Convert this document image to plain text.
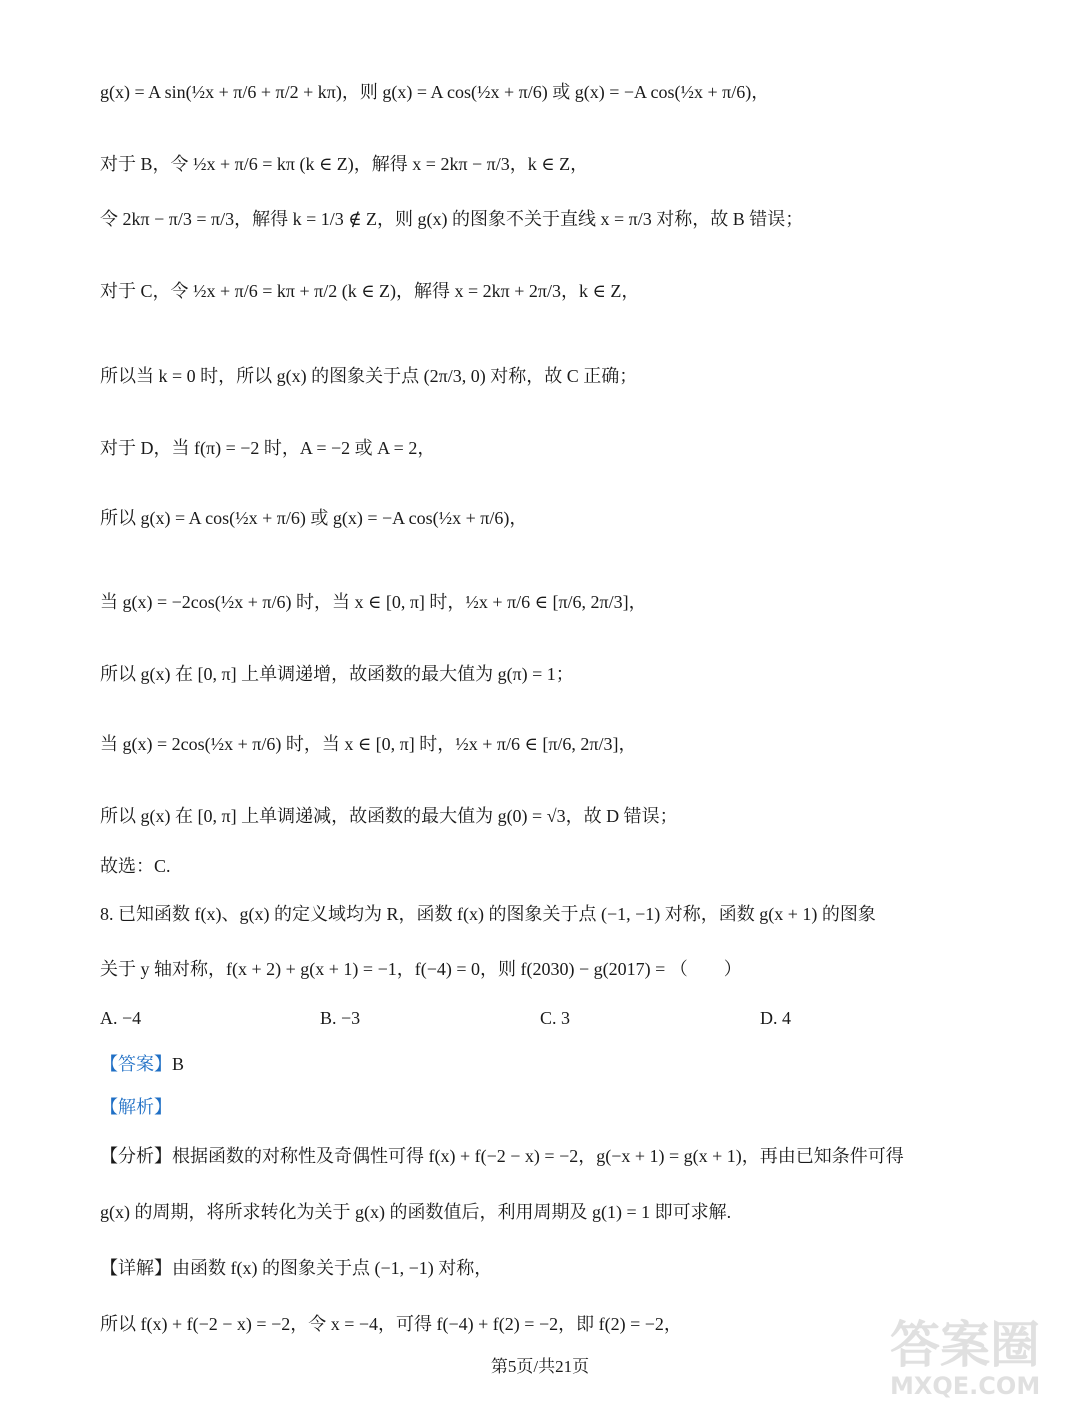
g(x) = A sin(½x + π/6 + π/2 + kπ)，则 g(x) = A cos(½x + π/6) 或 g(x) = −A cos(½x + π/6)，
对于 B，令 ½x + π/6 = kπ (k ∈ Z)，解得 x = 2kπ − π/3，k ∈ Z，
令 2kπ − π/3 = π/3，解得 k = 1/3 ∉ Z，则 g(x) 的图象不关于直线 x = π/3 对称，故 B 错误；
对于 C，令 ½x + π/6 = kπ + π/2 (k ∈ Z)，解得 x = 2kπ + 2π/3，k ∈ Z，
所以当 k = 0 时，所以 g(x) 的图象关于点 (2π/3, 0) 对称，故 C 正确；
对于 D，当 f(π) = −2 时，A = −2 或 A = 2，
所以 g(x) = A cos(½x + π/6) 或 g(x) = −A cos(½x + π/6)，
当 g(x) = −2cos(½x + π/6) 时，当 x ∈ [0, π] 时，½x + π/6 ∈ [π/6, 2π/3]，
所以 g(x) 在 [0, π] 上单调递增，故函数的最大值为 g(π) = 1；
当 g(x) = 2cos(½x + π/6) 时，当 x ∈ [0, π] 时，½x + π/6 ∈ [π/6, 2π/3]，
所以 g(x) 在 [0, π] 上单调递减，故函数的最大值为 g(0) = √3，故 D 错误；
故选：C.
8. 已知函数 f(x)、g(x) 的定义域均为 R，函数 f(x) 的图象关于点 (−1, −1) 对称，函数 g(x + 1) 的图象
关于 y 轴对称，f(x + 2) + g(x + 1) = −1，f(−4) = 0，则 f(2030) − g(2017) = （　　）
A. −4	B. −3	C. 3	D. 4
【答案】B
【解析】
【分析】根据函数的对称性及奇偶性可得 f(x) + f(−2 − x) = −2，g(−x + 1) = g(x + 1)，再由已知条件可得
g(x) 的周期，将所求转化为关于 g(x) 的函数值后，利用周期及 g(1) = 1 即可求解.
【详解】由函数 f(x) 的图象关于点 (−1, −1) 对称，
所以 f(x) + f(−2 − x) = −2，令 x = −4，可得 f(−4) + f(2) = −2，即 f(2) = −2，
第5页/共21页	答案圈
MXQE.COM
